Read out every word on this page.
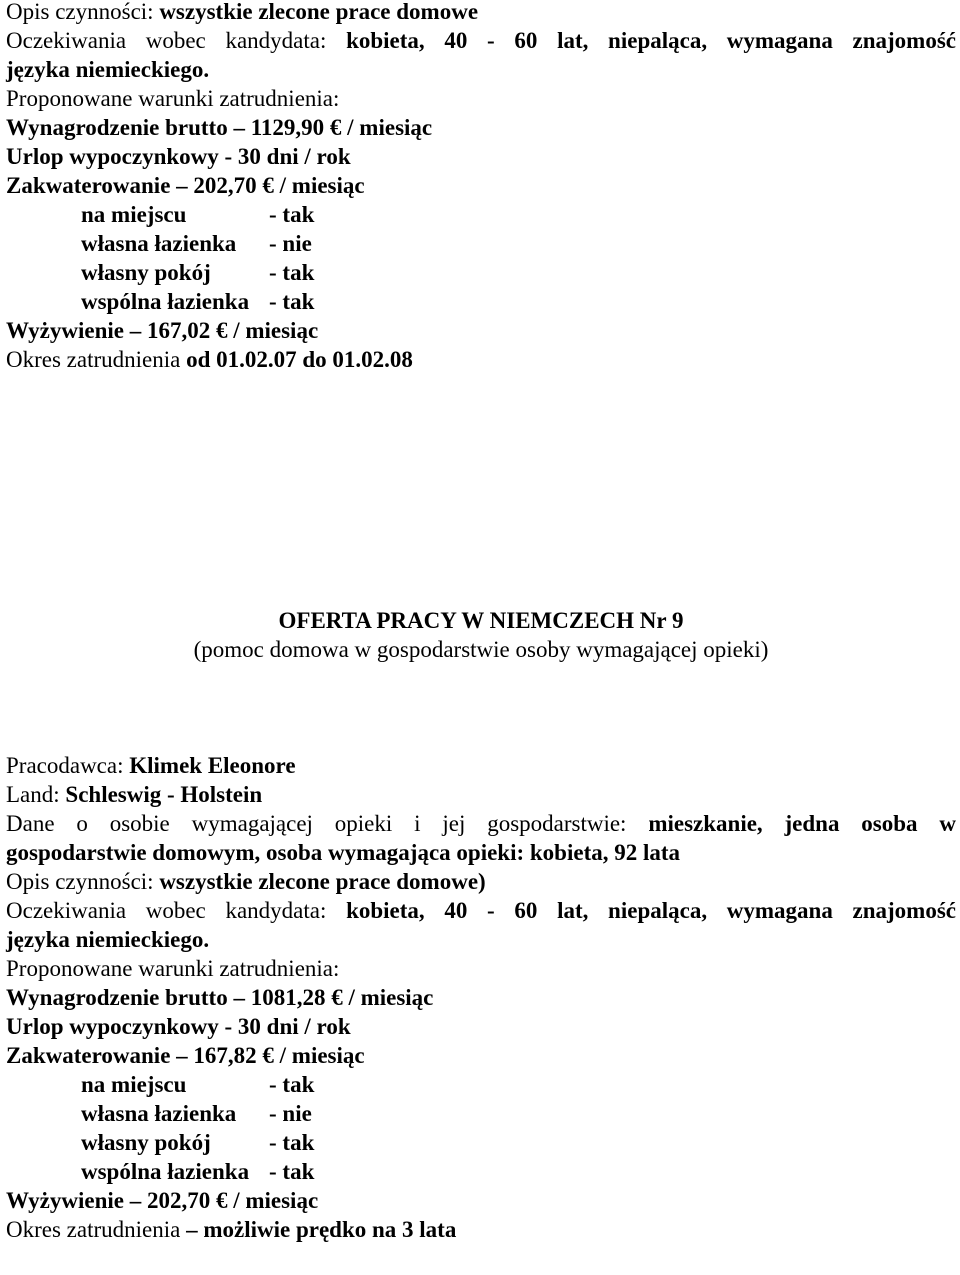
Opis czynności: wszystkie zlecone prace domowe
Oczekiwania wobec kandydata: kobieta, 40 - 60 lat, niepaląca, wymagana znajomość
języka niemieckiego.
Proponowane warunki zatrudnienia:
Wynagrodzenie brutto – 1129,90 € / miesiąc
Urlop wypoczynkowy - 30 dni / rok
Zakwaterowanie – 202,70 € / miesiąc
na miejscu	- tak
własna łazienka - nie
własny pokój	- tak
wspólna łazienka - tak
Wyżywienie – 167,02 € / miesiąc
Okres zatrudnienia od 01.02.07 do 01.02.08
OFERTA PRACY W NIEMCZECH Nr 9
(pomoc domowa w gospodarstwie osoby wymagającej opieki)
Pracodawca: Klimek Eleonore
Land: Schleswig - Holstein
Dane o osobie wymagającej opieki i jej gospodarstwie: mieszkanie, jedna osoba w
gospodarstwie domowym, osoba wymagająca opieki: kobieta, 92 lata
Opis czynności: wszystkie zlecone prace domowe)
Oczekiwania wobec kandydata: kobieta, 40 - 60 lat, niepaląca, wymagana znajomość
języka niemieckiego.
Proponowane warunki zatrudnienia:
Wynagrodzenie brutto – 1081,28 € / miesiąc
Urlop wypoczynkowy - 30 dni / rok
Zakwaterowanie – 167,82 € / miesiąc
na miejscu	- tak
własna łazienka - nie
własny pokój	- tak
wspólna łazienka - tak
Wyżywienie – 202,70 € / miesiąc
Okres zatrudnienia – możliwie prędko na 3 lata
